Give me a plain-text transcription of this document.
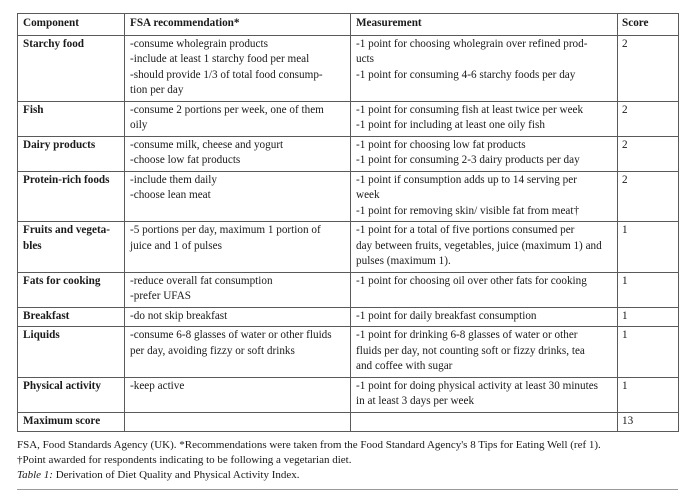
Component	FSA recommendation*	Measurement	Score

Starchy food	-consume wholegrain products
-include at least 1 starchy food per meal
-should provide 1/3 of total food consump-
tion per day	-1 point for choosing wholegrain over refined prod-
ucts
-1 point for consuming 4-6 starchy foods per day	2

Fish	-consume 2 portions per week, one of them
oily	-1 point for consuming fish at least twice per week
-1 point for including at least one oily fish	2

Dairy products	-consume milk, cheese and yogurt
-choose low fat products	-1 point for choosing low fat products
-1 point for consuming 2-3 dairy products per day	2

Protein-rich foods	-include them daily
-choose lean meat	-1 point if consumption adds up to 14 serving per
week
-1 point for removing skin/ visible fat from meat†	2

Fruits and vegeta-
bles	-5 portions per day, maximum 1 portion of
juice and 1 of pulses	-1 point for a total of five portions consumed per
day between fruits, vegetables, juice (maximum 1) and
pulses (maximum 1).	1

Fats for cooking	-reduce overall fat consumption
-prefer UFAS	-1 point for choosing oil over other fats for cooking	1

Breakfast	-do not skip breakfast	-1 point for daily breakfast consumption	1

Liquids	-consume 6-8 glasses of water or other fluids
per day, avoiding fizzy or soft drinks	-1 point for drinking 6-8 glasses of water or other
fluids per day, not counting soft or fizzy drinks, tea
and coffee with sugar	1

Physical activity	-keep active	-1 point for doing physical activity at least 30 minutes
in at least 3 days per week	1

Maximum score			13
FSA, Food Standards Agency (UK). *Recommendations were taken from the Food Standard Agency's 8 Tips for Eating Well (ref 1).
†Point awarded for respondents indicating to be following a vegetarian diet.
Table 1: Derivation of Diet Quality and Physical Activity Index.
